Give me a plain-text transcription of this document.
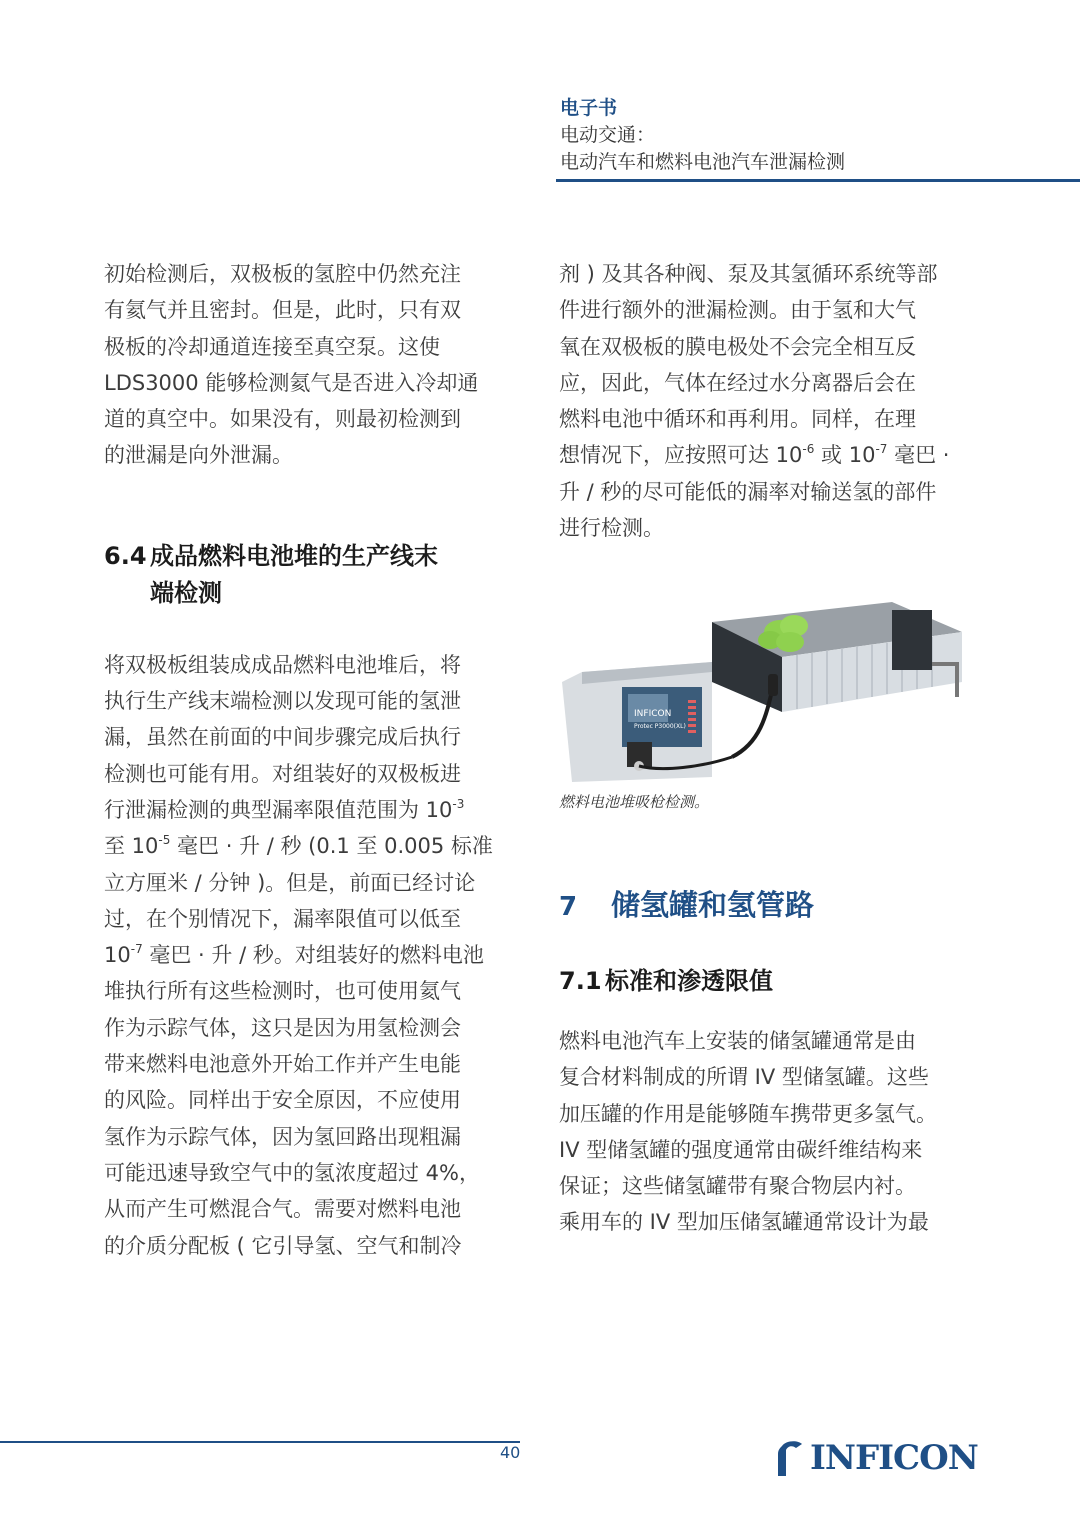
电子书
电动交通：
电动汽车和燃料电池汽车泄漏检测

初始检测后，双极板的氢腔中仍然充注
有氦气并且密封。但是，此时，只有双
极板的冷却通道连接至真空泵。这使
LDS3000 能够检测氦气是否进入冷却通
道的真空中。如果没有，则最初检测到
的泄漏是向外泄漏。

6.4 成品燃料电池堆的生产线末
端检测

将双极板组装成成品燃料电池堆后，将
执行生产线末端检测以发现可能的氢泄
漏，虽然在前面的中间步骤完成后执行
检测也可能有用。对组装好的双极板进
行泄漏检测的典型漏率限值范围为 $10^{-3}$
至 $10^{-5}$ 毫巴 · 升 / 秒 (0.1 至 0.005 标准
立方厘米 / 分钟 )。但是，前面已经讨论
过，在个别情况下，漏率限值可以低至
$10^{-7}$ 毫巴 · 升 / 秒。对组装好的燃料电池
堆执行所有这些检测时，也可使用氦气
作为示踪气体，这只是因为用氢检测会
带来燃料电池意外开始工作并产生电能
的风险。同样出于安全原因，不应使用
氢作为示踪气体，因为氢回路出现粗漏
可能迅速导致空气中的氢浓度超过 4%，
从而产生可燃混合气。需要对燃料电池
的介质分配板 ( 它引导氢、空气和制冷

剂 ) 及其各种阀、泵及其氢循环系统等部
件进行额外的泄漏检测。由于氢和大气
氧在双极板的膜电极处不会完全相互反
应，因此，气体在经过水分离器后会在
燃料电池中循环和再利用。同样，在理
想情况下，应按照可达 $10^{-6}$ 或 $10^{-7}$ 毫巴 ·
升 / 秒的尽可能低的漏率对输送氢的部件
进行检测。

INFICON
Protec P3000(XL)
燃料电池堆吸枪检测。
7 储氢罐和氢管路
7.1 标准和渗透限值

燃料电池汽车上安装的储氢罐通常是由
复合材料制成的所谓 IV 型储氢罐。这些
加压罐的作用是能够随车携带更多氢气。
IV 型储氢罐的强度通常由碳纤维结构来
保证；这些储氢罐带有聚合物层内衬。
乘用车的 IV 型加压储氢罐通常设计为最

40	INFICON
